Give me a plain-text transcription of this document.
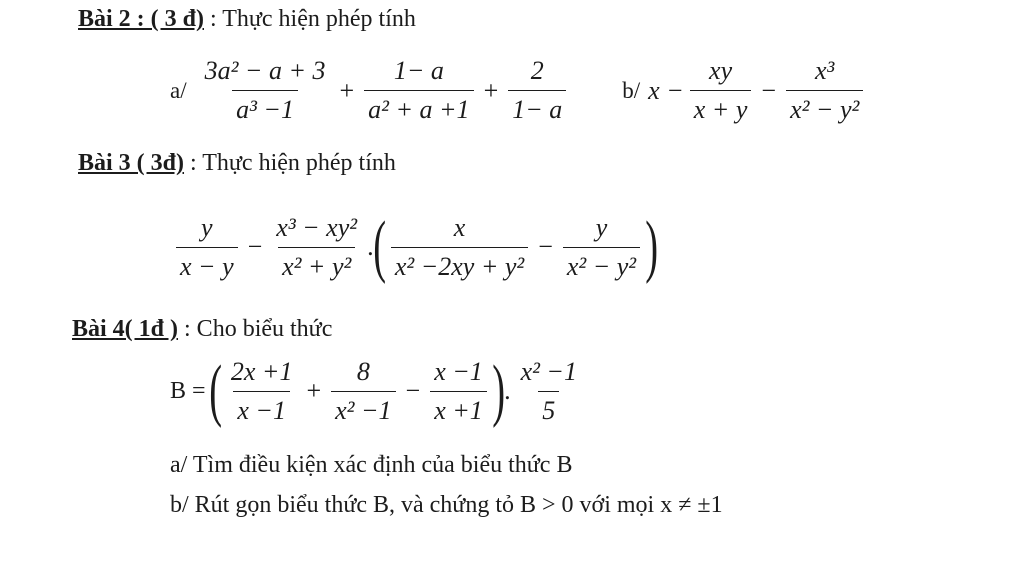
Bài 2 : ( 3 đ) : Thực hiện phép tính
$a/ \frac{\text{3a² − a + 3}}{\text{a³ −1}} + \frac{1- a}{\text{a² + a +1}} + \frac{2}{1- a} b/$ $x - \frac{xy}{x + y} - \frac{\text{x³}}{\text{x² − y²}}$
Bài 3 ( 3đ) : Thực hiện phép tính
$\frac{y}{x - y} - \frac{\text{x³ − xy²}}{\text{x² + y²}}$ . ( $\frac{x}{\text{x² −2xy + y²}} - \frac{y}{\text{x² − y²}}$ )
Bài 4( 1đ ) : Cho biểu thức
B = ( $\frac{2x +1}{x -1} + \frac{8}{\text{x² −1}} - \frac{x -1}{x +1}$ ) . $\frac{\text{x² −1}}{5}$
a/ Tìm điều kiện xác định của biểu thức B
b/ Rút gọn biểu thức B, và chứng tỏ B > 0 với mọi x ≠ ±1
